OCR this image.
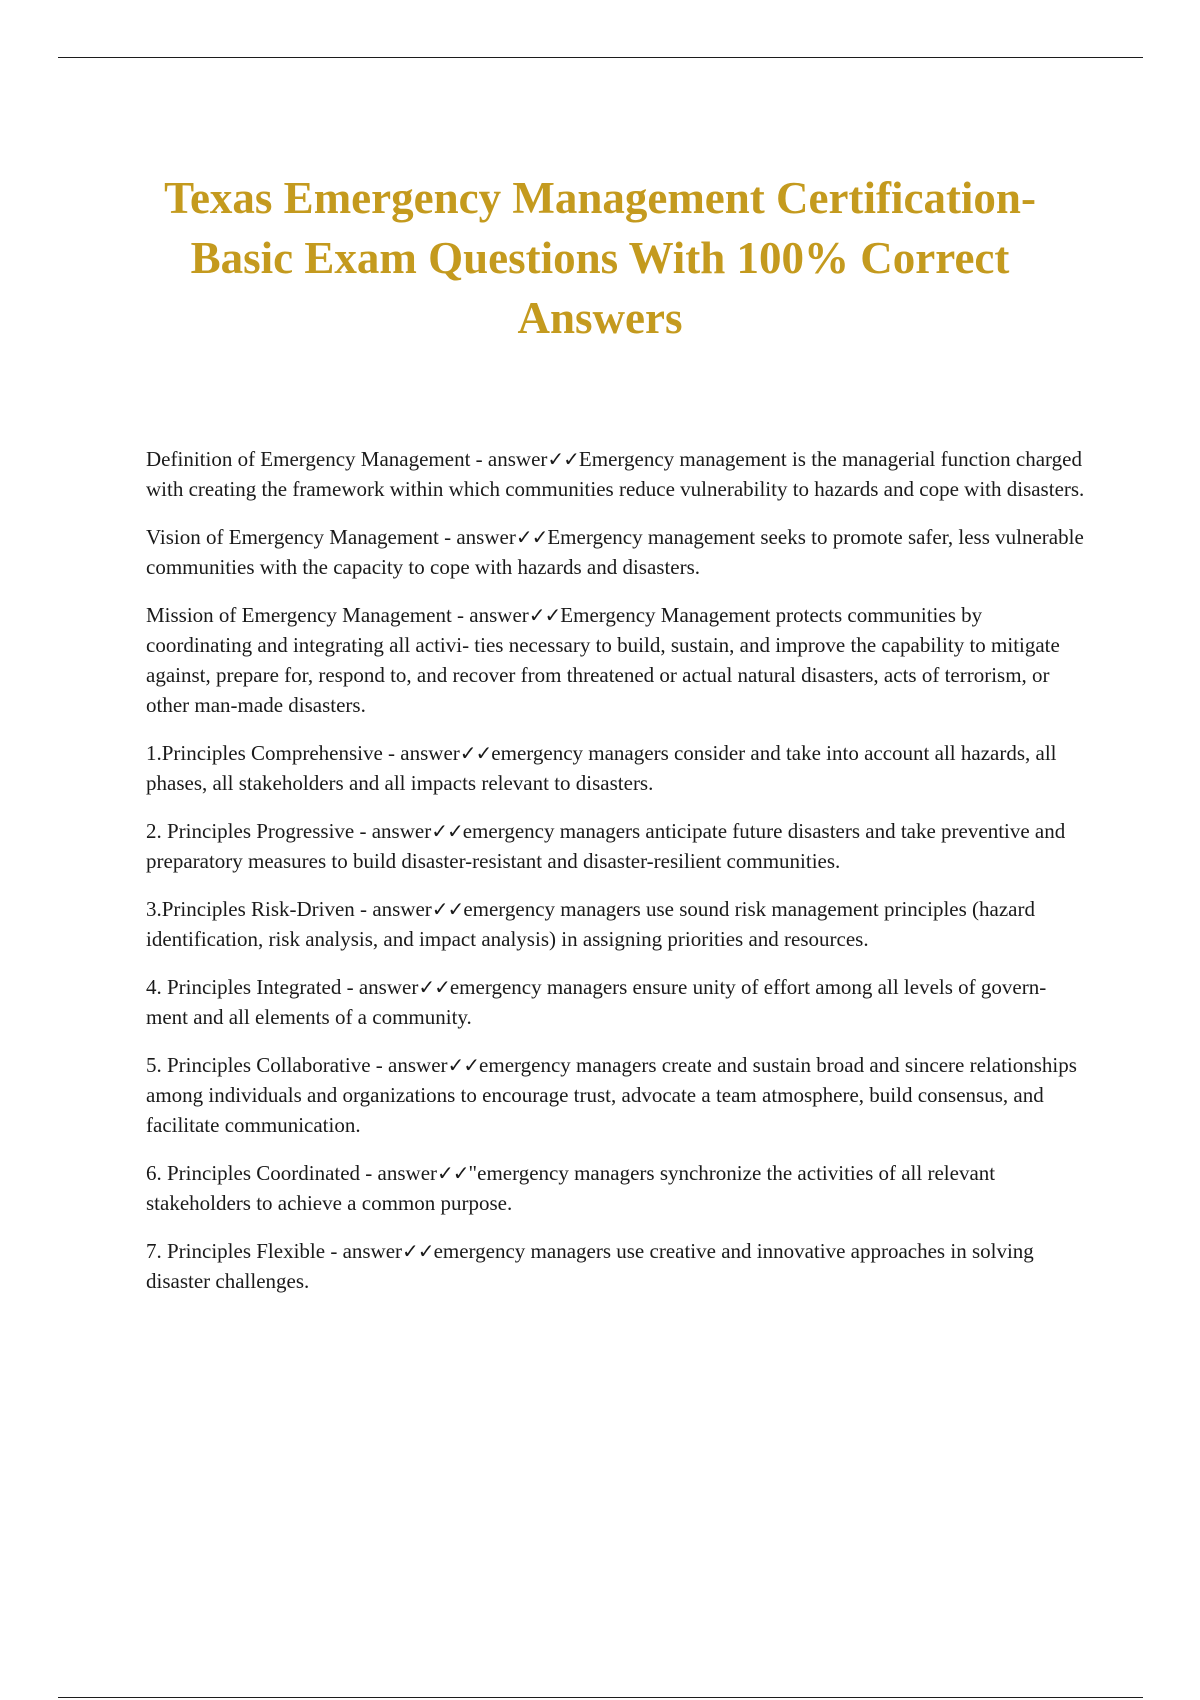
Texas Emergency Management Certification-Basic Exam Questions With 100% Correct Answers

Definition of Emergency Management - answer✓✓Emergency management is the managerial function charged with creating the framework within which communities reduce vulnerability to hazards and cope with disasters.

Vision of Emergency Management - answer✓✓Emergency management seeks to promote safer, less vulnerable communities with the capacity to cope with hazards and disasters.

Mission of Emergency Management - answer✓✓Emergency Management protects communities by coordinating and integrating all activi- ties necessary to build, sustain, and improve the capability to mitigate against, prepare for, respond to, and recover from threatened or actual natural disasters, acts of terrorism, or other man-made disasters.

1.Principles Comprehensive - answer✓✓emergency managers consider and take into account all hazards, all phases, all stakeholders and all impacts relevant to disasters.

2. Principles Progressive - answer✓✓emergency managers anticipate future disasters and take preventive and preparatory measures to build disaster-resistant and disaster-resilient communities.

3.Principles Risk-Driven - answer✓✓emergency managers use sound risk management principles (hazard identification, risk analysis, and impact analysis) in assigning priorities and resources.

4. Principles Integrated - answer✓✓emergency managers ensure unity of effort among all levels of govern- ment and all elements of a community.

5. Principles Collaborative - answer✓✓emergency managers create and sustain broad and sincere relationships among individuals and organizations to encourage trust, advocate a team atmosphere, build consensus, and facilitate communication.

6. Principles Coordinated - answer✓✓"emergency managers synchronize the activities of all relevant stakeholders to achieve a common purpose.

7. Principles Flexible - answer✓✓emergency managers use creative and innovative approaches in solving disaster challenges.
